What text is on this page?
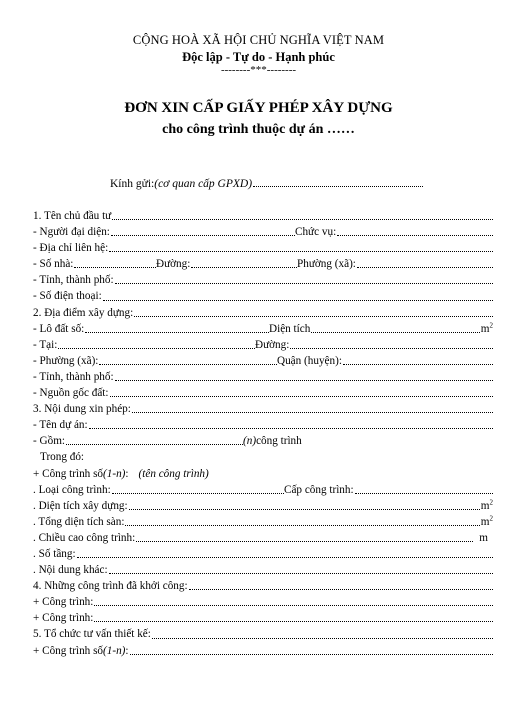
CỘNG HOÀ XÃ HỘI CHỦ NGHĨA VIỆT NAM
Độc lập - Tự do - Hạnh phúc
--------***--------
ĐƠN XIN CẤP GIẤY PHÉP XÂY DỰNG
cho công trình thuộc dự án ……
Kính gửi:(cơ quan cấp GPXD)
1. Tên chủ đầu tư
- Người đại diện:	Chức vụ:
- Địa chỉ liên hệ:
- Số nhà:	Đường:	Phường (xã):
- Tỉnh, thành phố:
- Số điện thoại:
2. Địa điểm xây dựng:
- Lô đất số:	Diện tích	$m^2$
- Tại:	Đường:
- Phường (xã):	Quận (huyện):
- Tỉnh, thành phố:
- Nguồn gốc đất:
3. Nội dung xin phép:
- Tên dự án:
- Gồm:	(n) công trình
Trong đó:
+ Công trình số (1-n) : (tên công trình)
. Loại công trình:	Cấp công trình:
. Diện tích xây dựng:	$m^2$
. Tổng diện tích sàn:	$m^2$
. Chiều cao công trình:	m
. Số tầng:
. Nội dung khác:
4. Những công trình đã khởi công:
+ Công trình:
+ Công trình:
5. Tổ chức tư vấn thiết kế:
+ Công trình số (1-n) :
